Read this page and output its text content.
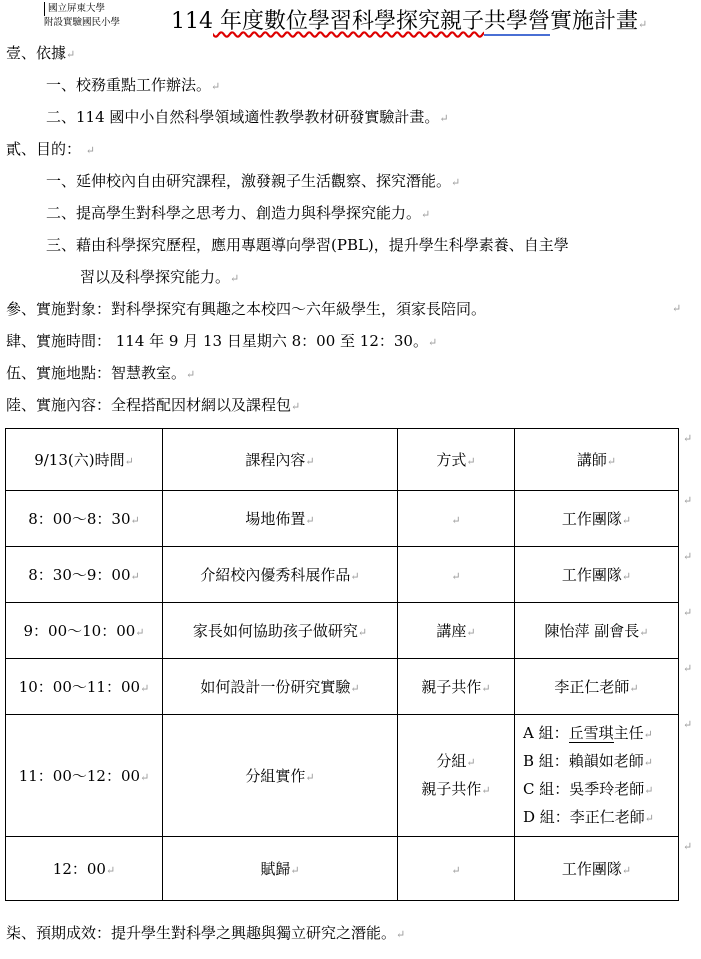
國立屏東大學
附設實驗國民小學 114 年度數位學習科學探究親子共學營實施計畫↵
壹、依據↵
一、校務重點工作辦法。↵
二、114 國中小自然科學領域適性教學教材研發實驗計畫。↵
貳、目的： ↵
一、延伸校內自由研究課程，激發親子生活觀察、探究潛能。↵
二、提高學生對科學之思考力、創造力與科學探究能力。↵
三、藉由科學探究歷程，應用專題導向學習(PBL)，提升學生科學素養、自主學
習以及科學探究能力。↵
參、實施對象：對科學探究有興趣之本校四～六年級學生，須家長陪同。	↵
肆、實施時間： 114 年 9 月 13 日星期六 8：00 至 12：30。↵
伍、實施地點：智慧教室。↵
陸、實施內容：全程搭配因材網以及課程包↵
9/13(六)時間↵	課程內容↵	方式↵	講師↵
8：00～8：30↵	場地佈置↵	↵	工作團隊↵
8：30～9：00↵	介紹校內優秀科展作品↵	↵	工作團隊↵
9：00～10：00↵	家長如何協助孩子做研究↵	講座↵	陳怡萍 副會長↵
10：00～11：00↵	如何設計一份研究實驗↵	親子共作↵	李正仁老師↵
11：00～12：00↵	分組實作↵	分組↵
親子共作↵	A 組：丘雪琪主任↵
B 組：賴韻如老師↵
C 組：吳季玲老師↵
D 組：李正仁老師↵

12：00↵	賦歸↵	↵	工作團隊↵
↵
↵
↵
↵
↵
↵
↵
柒、預期成效：提升學生對科學之興趣與獨立研究之潛能。↵
